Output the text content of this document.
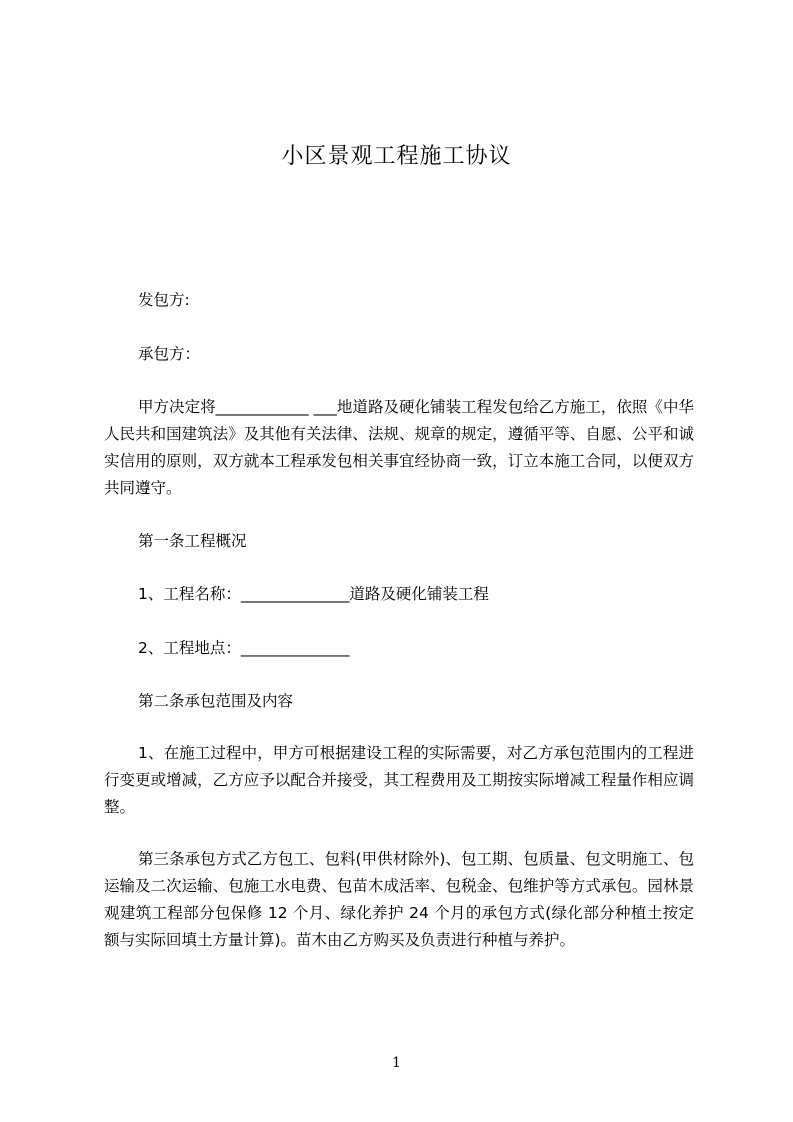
小区景观工程施工协议
发包方:
承包方：
甲方决定将____________ ___地道路及硬化铺装工程发包给乙方施工，依照《中华人民共和国建筑法》及其他有关法律、法规、规章的规定，遵循平等、自愿、公平和诚实信用的原则，双方就本工程承发包相关事宜经协商一致，订立本施工合同，以便双方共同遵守。
第一条工程概况
1、工程名称：______________道路及硬化铺装工程
2、工程地点：______________
第二条承包范围及内容
1、在施工过程中，甲方可根据建设工程的实际需要，对乙方承包范围内的工程进行变更或增减，乙方应予以配合并接受，其工程费用及工期按实际增减工程量作相应调整。
第三条承包方式乙方包工、包料(甲供材除外)、包工期、包质量、包文明施工、包运输及二次运输、包施工水电费、包苗木成活率、包税金、包维护等方式承包。园林景观建筑工程部分包保修 12 个月、绿化养护 24 个月的承包方式(绿化部分种植土按定额与实际回填土方量计算)。苗木由乙方购买及负责进行种植与养护。
1
